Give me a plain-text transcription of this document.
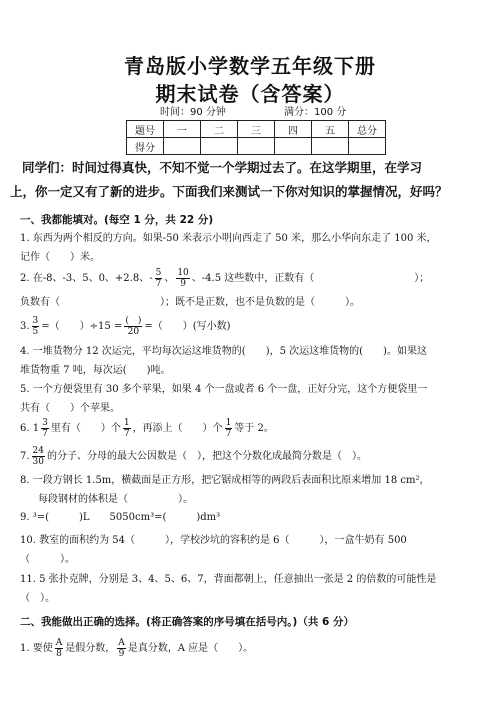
青岛版小学数学五年级下册
期末试卷（含答案）
时间：90 分钟	满分：100 分
题号	一	二	三	四	五	总分
得分						
同学们：时间过得真快，不知不觉一个学期过去了。在这学期里，在学习
上，你一定又有了新的进步。下面我们来测试一下你对知识的掌握情况，好吗？
一、我都能填对。(每空 1 分，共 22 分)
1. 东西为两个相反的方向。如果-50 米表示小明向西走了 50 米，那么小华向东走了 100 米，
记作（　　）米。
2. 在-8、-3、5、0、+2.8、- $\frac{5}{7}$ 、 $\frac{10}{9}$ 、-4.5 这些数中，正数有（　　　　　　　　　　）；
负数有（　　　　　　　　　　）；既不是正数，也不是负数的是（　　　）。
3. $\frac{3}{5}$ =（　　）$\div 15 = \frac{( )}{20}$ =（　　）(写小数)
4. 一堆货物分 12 次运完，平均每次运这堆货物的(　　)，5 次运这堆货物的(　　)。如果这
堆货物重 7 吨，每次运(　　)吨。
5. 一个方便袋里有 30 多个苹果，如果 4 个一盘或者 6 个一盘，正好分完，这个方便袋里一
共有（　　）个苹果。
6. $1 \frac{3}{7}$ 里有（　　）个 $\frac{1}{7}$ ，再添上（　　）个 $\frac{1}{7}$ 等于 2。
7. $\frac{24}{30}$ 的分子、分母的最大公因数是（　），把这个分数化成最简分数是（　）。
8. 一段方钢长 1.5m，横截面是正方形，把它锯成相等的两段后表面积比原来增加 18 cm²，
每段钢材的体积是（　　　　　）。
9. ³=(　　　)L　　5050cm³=(　　　)dm³
10. 教室的面积约为 54（　　　），学校沙坑的容积约是 6（　　　），一盒牛奶有 500
（　　　）。
11. 5 张扑克牌，分别是 3、4、5、6、7，背面都朝上，任意抽出一张是 2 的倍数的可能性是
（　）。
二、我能做出正确的选择。(将正确答案的序号填在括号内。)（共 6 分）
1. 要使 $\frac{A}{8}$ 是假分数， $\frac{A}{9}$ 是真分数，A 应是（　　）。
